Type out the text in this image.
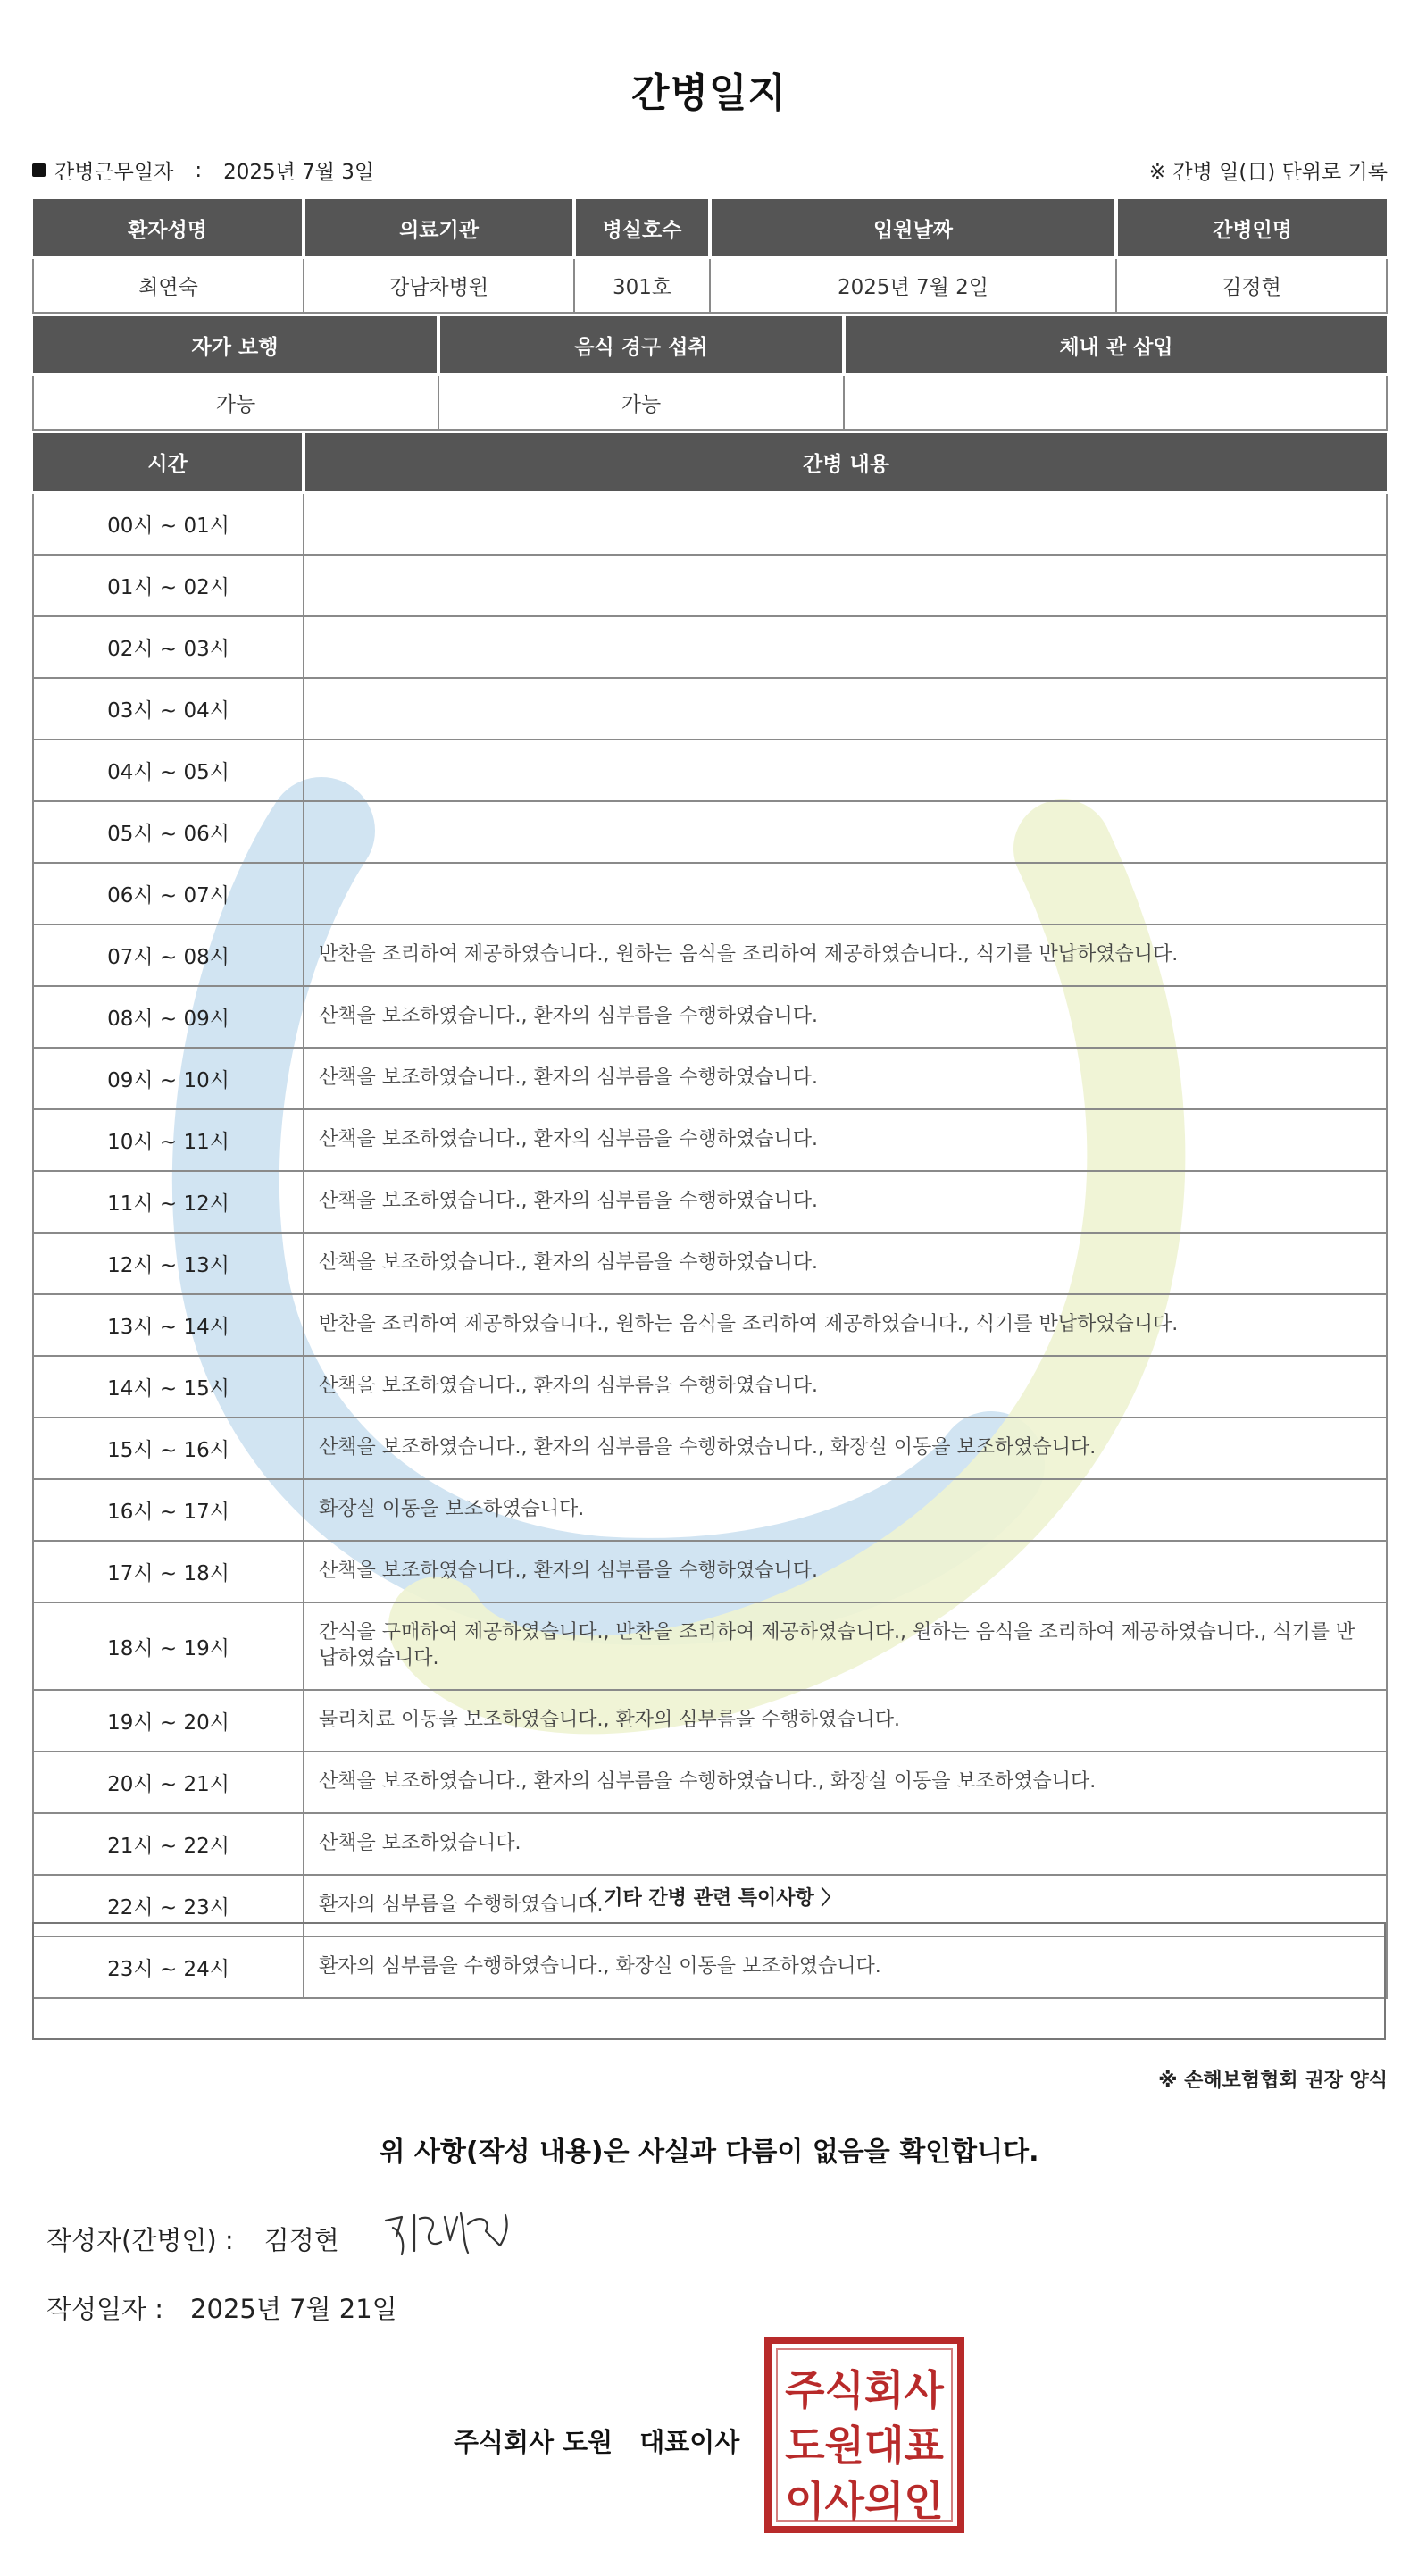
간병일지
간병근무일자 : 2025년 7월 3일	※ 간병 일(日) 단위로 기록
환자성명	의료기관	병실호수	입원날짜	간병인명
최연숙	강남차병원	301호	2025년 7월 2일	김정현
자가 보행	음식 경구 섭취	체내 관 삽입
가능	가능	
시간	간병 내용
00시 ~ 01시	
01시 ~ 02시	
02시 ~ 03시	
03시 ~ 04시	
04시 ~ 05시	
05시 ~ 06시	
06시 ~ 07시	
07시 ~ 08시	반찬을 조리하여 제공하였습니다., 원하는 음식을 조리하여 제공하였습니다., 식기를 반납하였습니다.
08시 ~ 09시	산책을 보조하였습니다., 환자의 심부름을 수행하였습니다.
09시 ~ 10시	산책을 보조하였습니다., 환자의 심부름을 수행하였습니다.
10시 ~ 11시	산책을 보조하였습니다., 환자의 심부름을 수행하였습니다.
11시 ~ 12시	산책을 보조하였습니다., 환자의 심부름을 수행하였습니다.
12시 ~ 13시	산책을 보조하였습니다., 환자의 심부름을 수행하였습니다.
13시 ~ 14시	반찬을 조리하여 제공하였습니다., 원하는 음식을 조리하여 제공하였습니다., 식기를 반납하였습니다.
14시 ~ 15시	산책을 보조하였습니다., 환자의 심부름을 수행하였습니다.
15시 ~ 16시	산책을 보조하였습니다., 환자의 심부름을 수행하였습니다., 화장실 이동을 보조하였습니다.
16시 ~ 17시	화장실 이동을 보조하였습니다.
17시 ~ 18시	산책을 보조하였습니다., 환자의 심부름을 수행하였습니다.
18시 ~ 19시	간식을 구매하여 제공하였습니다., 반찬을 조리하여 제공하였습니다., 원하는 음식을 조리하여 제공하였습니다., 식기를 반납하였습니다.
19시 ~ 20시	물리치료 이동을 보조하였습니다., 환자의 심부름을 수행하였습니다.
20시 ~ 21시	산책을 보조하였습니다., 환자의 심부름을 수행하였습니다., 화장실 이동을 보조하였습니다.
21시 ~ 22시	산책을 보조하였습니다.
22시 ~ 23시	환자의 심부름을 수행하였습니다.
23시 ~ 24시	환자의 심부름을 수행하였습니다., 화장실 이동을 보조하였습니다.
〈 기타 간병 관련 특이사항 〉
※ 손해보험협회 권장 양식
위 사항(작성 내용)은 사실과 다름이 없음을 확인합니다.
작성자(간병인) : 김정현
작성일자 : 2025년 7월 21일
주식회사 도원 대표이사
주식회사
도원대표
이사의인
